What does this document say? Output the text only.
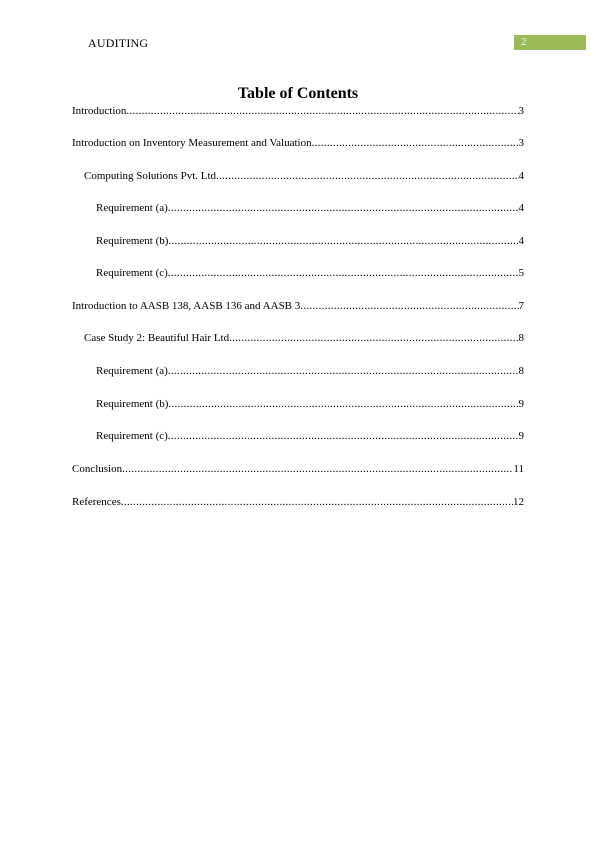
AUDITING	2
Table of Contents
Introduction .....	3
Introduction on Inventory Measurement and Valuation .....	3
Computing Solutions Pvt. Ltd .....	4
Requirement (a) .....	4
Requirement (b) .....	4
Requirement (c) .....	5
Introduction to AASB 138, AASB 136 and AASB 3 .....	7
Case Study 2: Beautiful Hair Ltd .....	8
Requirement (a) .....	8
Requirement (b) .....	9
Requirement (c) .....	9
Conclusion .....	11
References .....	12
